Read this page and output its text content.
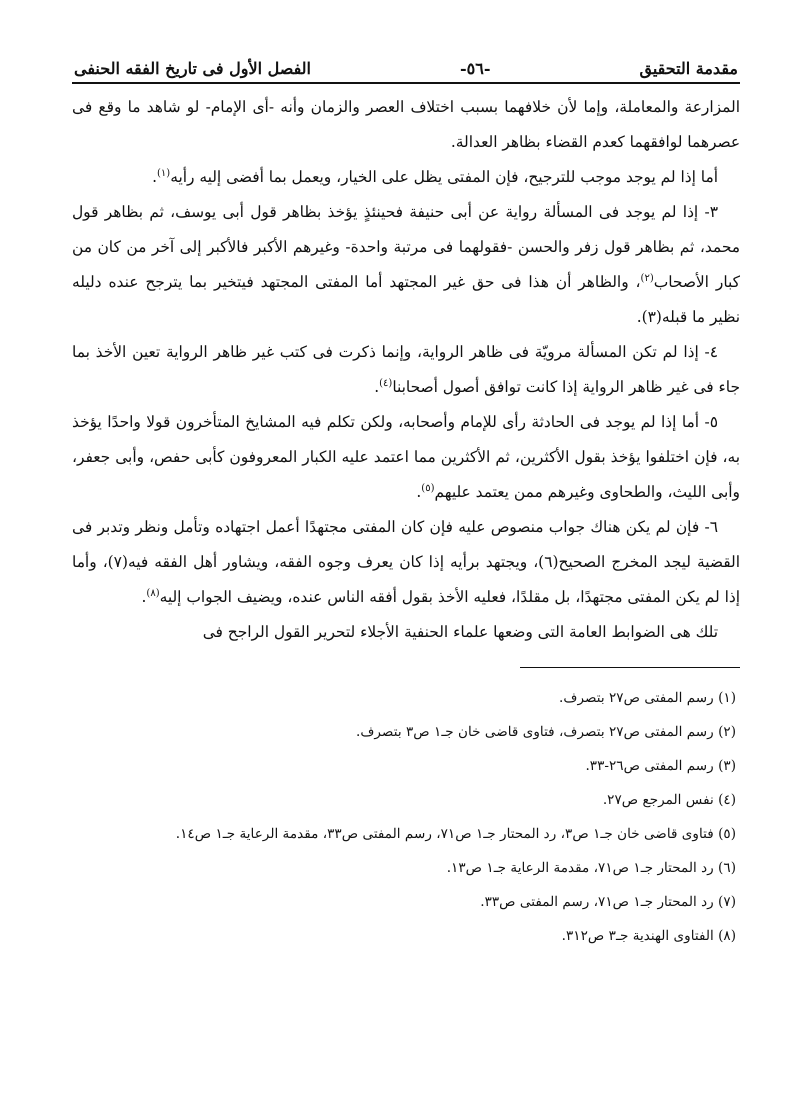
مقدمة التحقيق
-٥٦-
الفصل الأول فى تاريخ الفقه الحنفى

المزارعة والمعاملة، وإما لأن خلافهما بسبب اختلاف العصر والزمان وأنه -أى الإمام- لو شاهد ما وقع فى عصرهما لوافقهما كعدم القضاء بظاهر العدالة.

أما إذا لم يوجد موجب للترجيح، فإن المفتى يظل على الخيار، ويعمل بما أفضى إليه رأيه$^{(١)}$.

٣- إذا لم يوجد فى المسألة رواية عن أبى حنيفة فحينئذٍ يؤخذ بظاهر قول أبى يوسف، ثم بظاهر قول محمد، ثم بظاهر قول زفر والحسن -فقولهما فى مرتبة واحدة- وغيرهم الأكبر فالأكبر إلى آخر من كان من كبار الأصحاب$^{(٢)}$، والظاهر أن هذا فى حق غير المجتهد أما المفتى المجتهد فيتخير بما يترجح عنده دليله نظير ما قبله(٣).

٤- إذا لم تكن المسألة مرويّة فى ظاهر الرواية، وإنما ذكرت فى كتب غير ظاهر الرواية تعين الأخذ بما جاء فى غير ظاهر الرواية إذا كانت توافق أصول أصحابنا$^{(٤)}$.

٥- أما إذا لم يوجد فى الحادثة رأى للإمام وأصحابه، ولكن تكلم فيه المشايخ المتأخرون قولا واحدًا يؤخذ به، فإن اختلفوا يؤخذ بقول الأكثرين، ثم الأكثرين مما اعتمد عليه الكبار المعروفون كأبى حفص، وأبى جعفر، وأبى الليث، والطحاوى وغيرهم ممن يعتمد عليهم$^{(٥)}$.

٦- فإن لم يكن هناك جواب منصوص عليه فإن كان المفتى مجتهدًا أعمل اجتهاده وتأمل ونظر وتدبر فى القضية ليجد المخرج الصحيح(٦)، ويجتهد برأيه إذا كان يعرف وجوه الفقه، ويشاور أهل الفقه فيه(٧)، وأما إذا لم يكن المفتى مجتهدًا، بل مقلدًا، فعليه الأخذ بقول أفقه الناس عنده، ويضيف الجواب إليه$^{(٨)}$.

تلك هى الضوابط العامة التى وضعها علماء الحنفية الأجلاء لتحرير القول الراجح فى

(١) رسم المفتى ص٢٧ بتصرف.

(٢) رسم المفتى ص٢٧ بتصرف، فتاوى قاضى خان جـ١ ص٣ بتصرف.

(٣) رسم المفتى ص٢٦-٣٣.

(٤) نفس المرجع ص٢٧.

(٥) فتاوى قاضى خان جـ١ ص٣، رد المحتار جـ١ ص٧١، رسم المفتى ص٣٣، مقدمة الرعاية جـ١ ص١٤.

(٦) رد المحتار جـ١ ص٧١، مقدمة الرعاية جـ١ ص١٣.

(٧) رد المحتار جـ١ ص٧١، رسم المفتى ص٣٣.

(٨) الفتاوى الهندية جـ٣ ص٣١٢.
